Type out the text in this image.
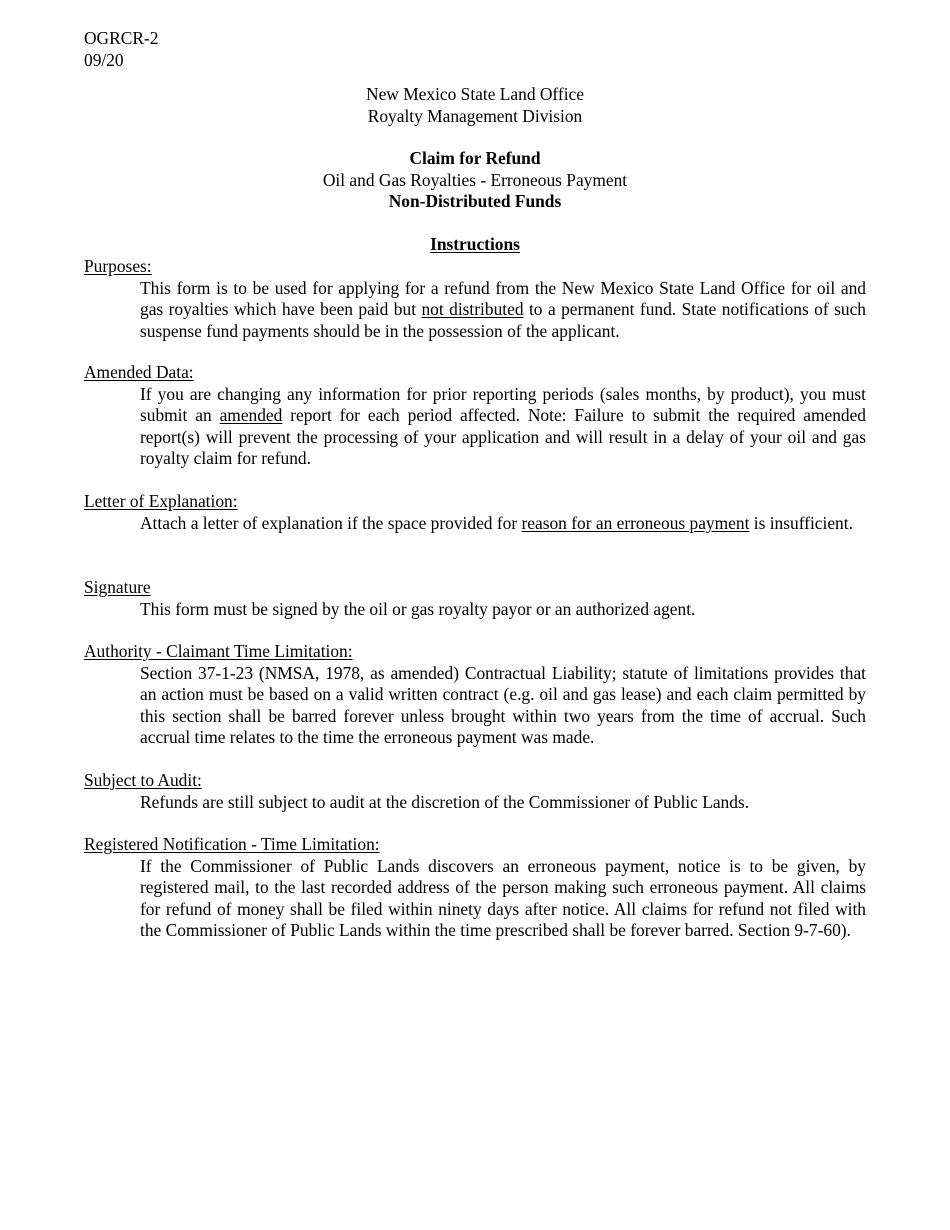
OGRCR-2
09/20
New Mexico State Land Office
Royalty Management Division
Claim for Refund
Oil and Gas Royalties - Erroneous Payment
Non-Distributed Funds
Instructions
Purposes:
This form is to be used for applying for a refund from the New Mexico State Land Office for oil and gas royalties which have been paid but not distributed to a permanent fund. State notifications of such suspense fund payments should be in the possession of the applicant.
Amended Data:
If you are changing any information for prior reporting periods (sales months, by product), you must submit an amended report for each period affected. Note: Failure to submit the required amended report(s) will prevent the processing of your application and will result in a delay of your oil and gas royalty claim for refund.
Letter of Explanation:
Attach a letter of explanation if the space provided for reason for an erroneous payment is insufficient.
Signature
This form must be signed by the oil or gas royalty payor or an authorized agent.
Authority - Claimant Time Limitation:
Section 37-1-23 (NMSA, 1978, as amended) Contractual Liability; statute of limitations provides that an action must be based on a valid written contract (e.g. oil and gas lease) and each claim permitted by this section shall be barred forever unless brought within two years from the time of accrual. Such accrual time relates to the time the erroneous payment was made.
Subject to Audit:
Refunds are still subject to audit at the discretion of the Commissioner of Public Lands.
Registered Notification - Time Limitation:
If the Commissioner of Public Lands discovers an erroneous payment, notice is to be given, by registered mail, to the last recorded address of the person making such erroneous payment. All claims for refund of money shall be filed within ninety days after notice. All claims for refund not filed with the Commissioner of Public Lands within the time prescribed shall be forever barred. Section 9-7-60).
